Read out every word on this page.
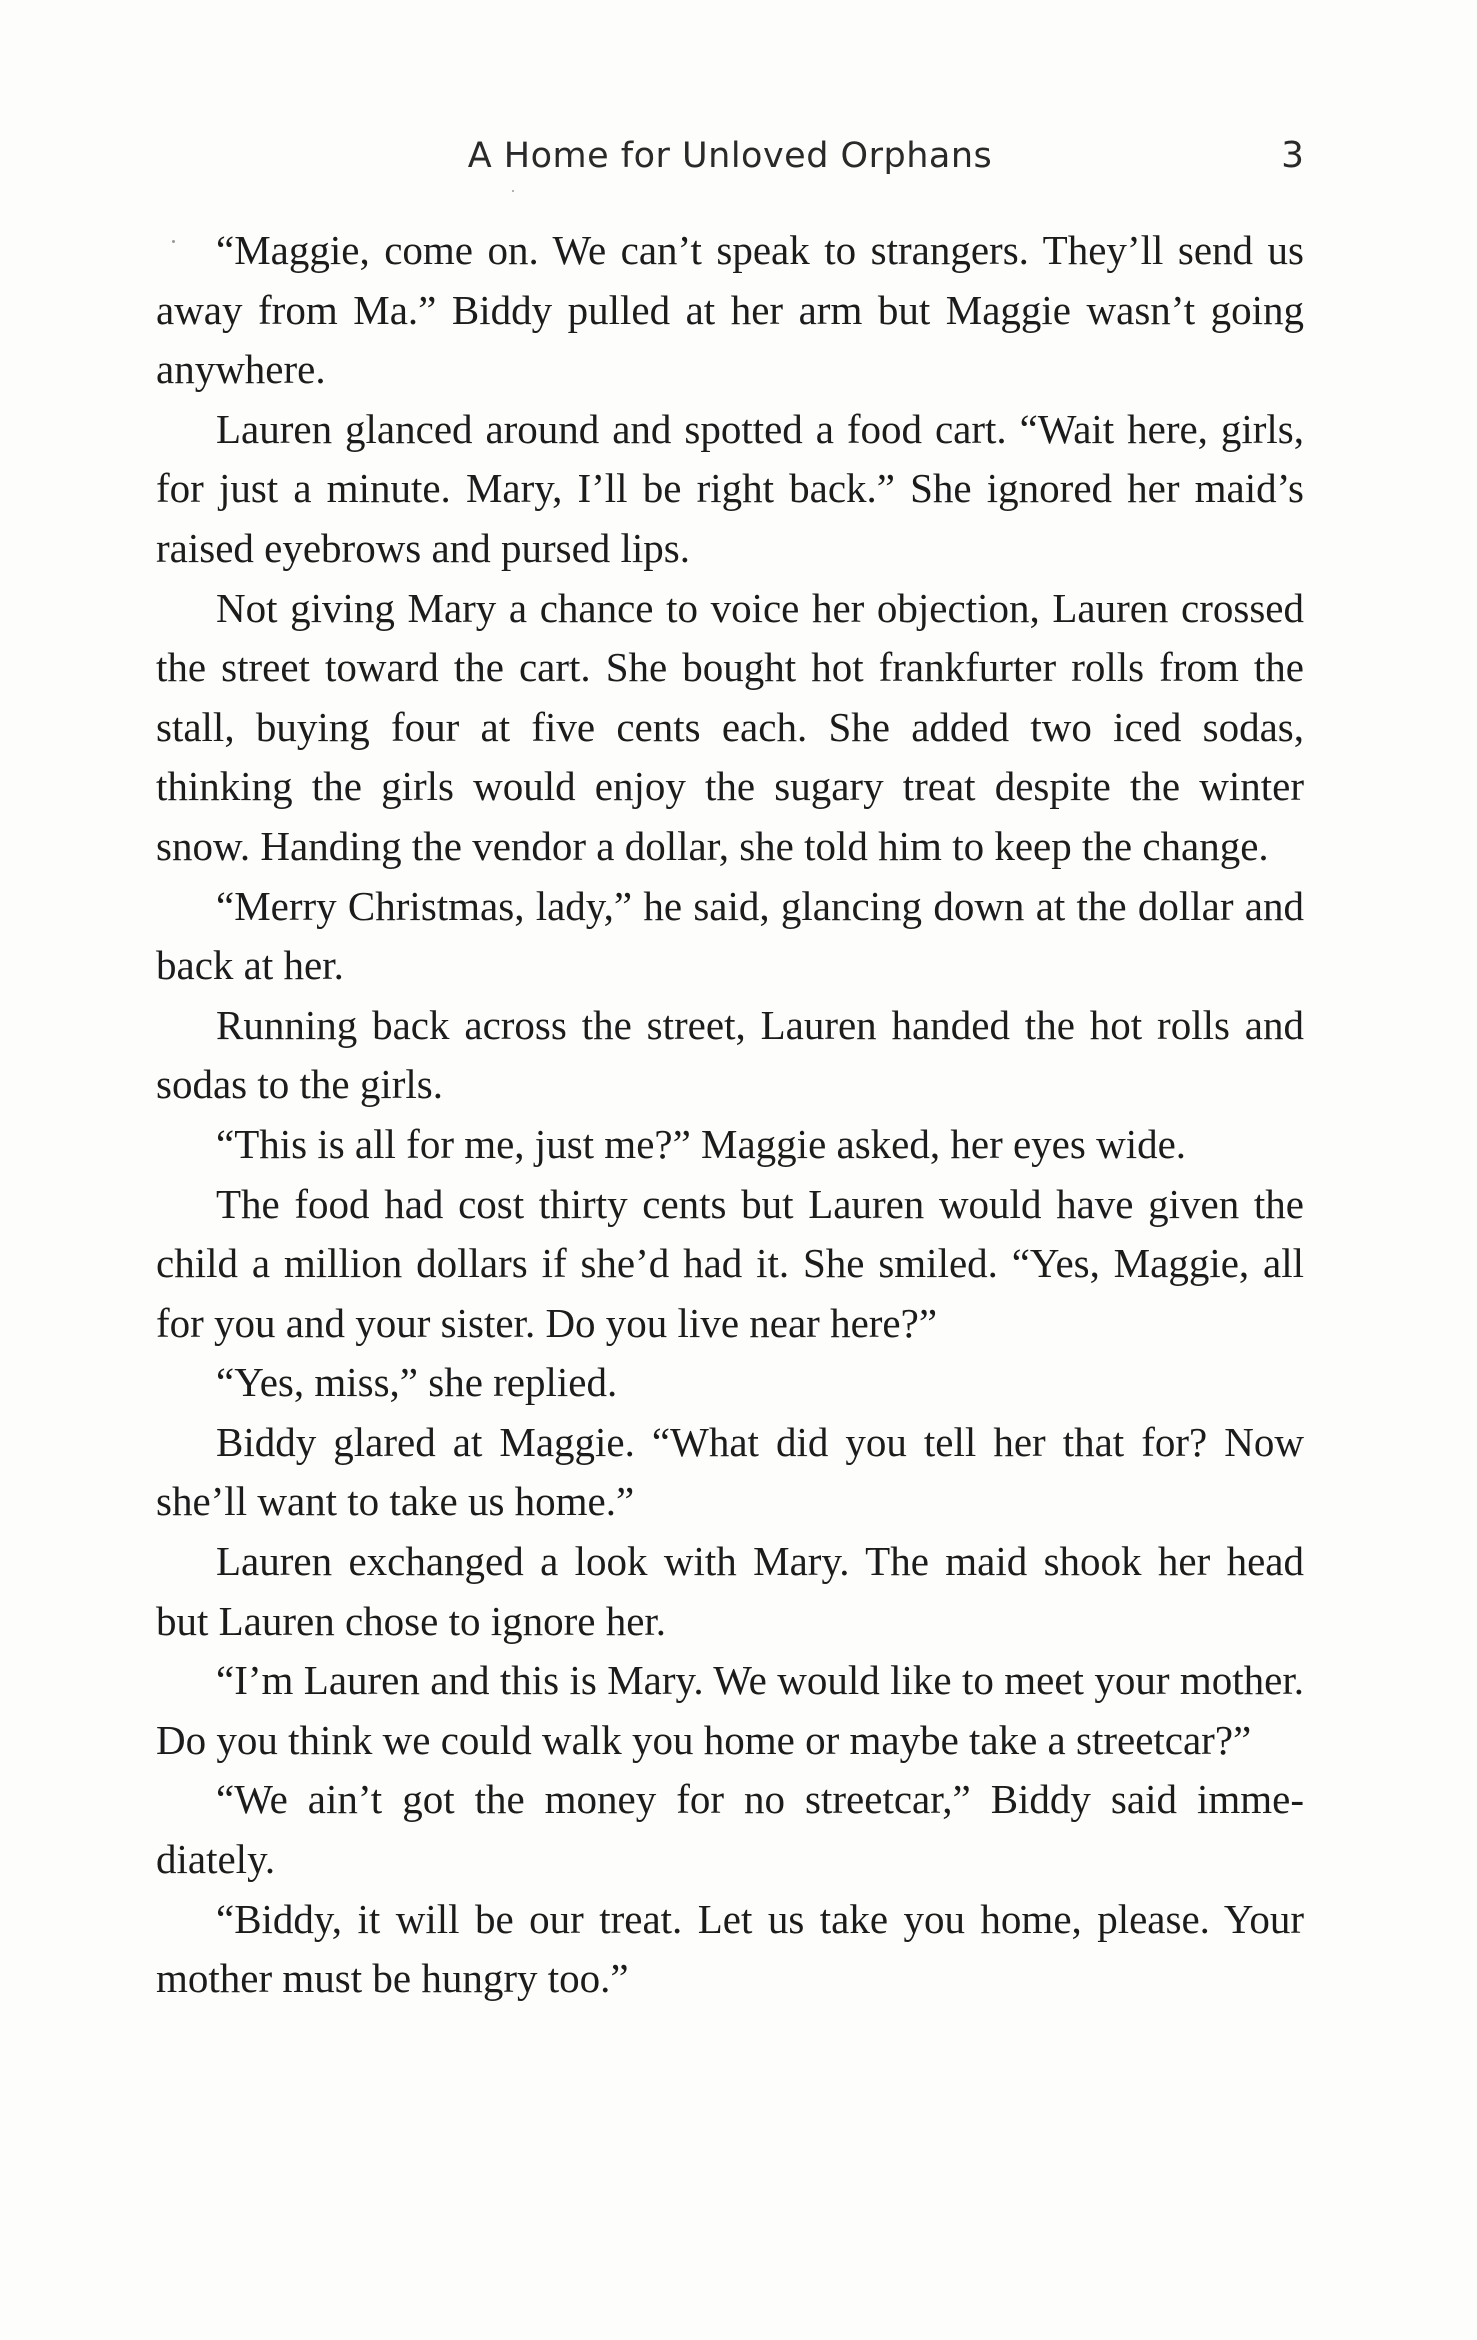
A Home for Unloved Orphans	3

“Maggie, come on. We can’t speak to strangers. They’ll send us away from Ma.” Biddy pulled at her arm but Maggie wasn’t going anywhere.

Lauren glanced around and spotted a food cart. “Wait here, girls, for just a minute. Mary, I’ll be right back.” She ignored her maid’s raised eyebrows and pursed lips.

Not giving Mary a chance to voice her objection, Lauren crossed the street toward the cart. She bought hot frankfurter rolls from the stall, buying four at five cents each. She added two iced sodas, thinking the girls would enjoy the sugary treat despite the winter snow. Handing the vendor a dollar, she told him to keep the change.

“Merry Christmas, lady,” he said, glancing down at the dollar and back at her.

Running back across the street, Lauren handed the hot rolls and sodas to the girls.

“This is all for me, just me?” Maggie asked, her eyes wide.

The food had cost thirty cents but Lauren would have given the child a million dollars if she’d had it. She smiled. “Yes, Maggie, all for you and your sister. Do you live near here?”

“Yes, miss,” she replied.

Biddy glared at Maggie. “What did you tell her that for? Now she’ll want to take us home.”

Lauren exchanged a look with Mary. The maid shook her head but Lauren chose to ignore her.

“I’m Lauren and this is Mary. We would like to meet your mother. Do you think we could walk you home or maybe take a streetcar?”

“We ain’t got the money for no streetcar,” Biddy said immediately.

“Biddy, it will be our treat. Let us take you home, please. Your mother must be hungry too.”
